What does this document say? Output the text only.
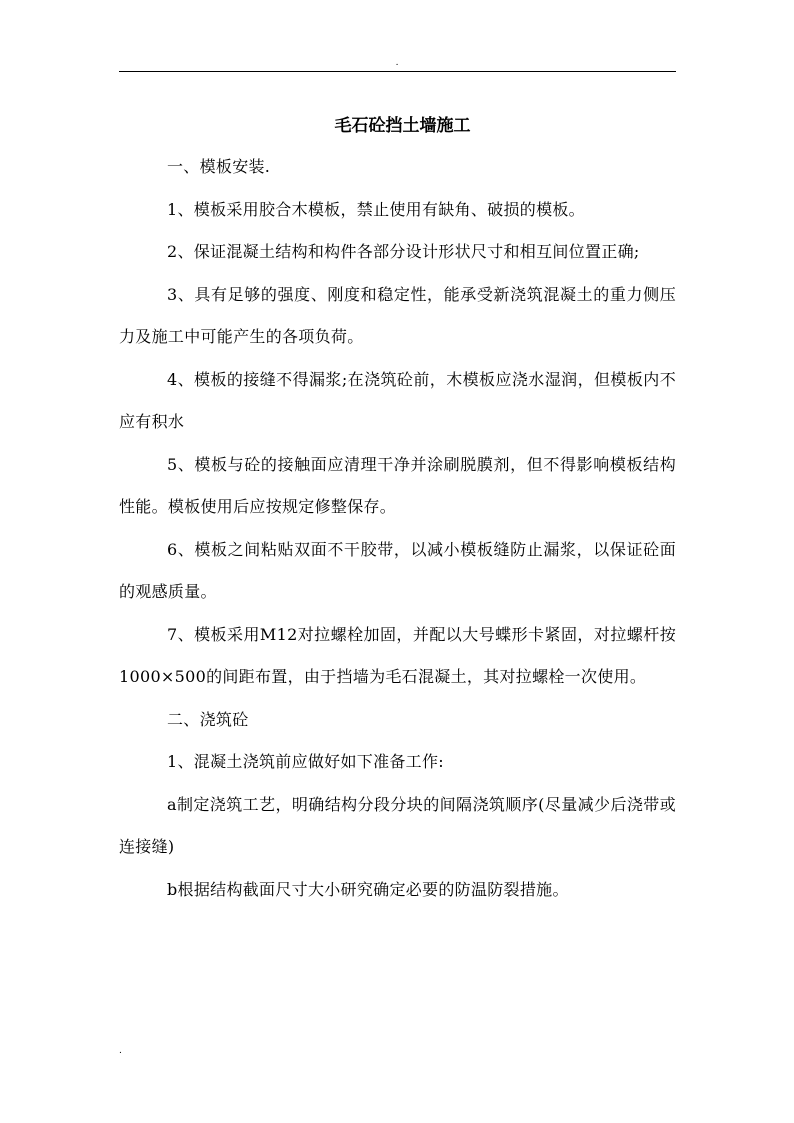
.
毛石砼挡土墙施工

一、模板安装.

1、模板采用胶合木模板，禁止使用有缺角、破损的模板。

2、保证混凝土结构和构件各部分设计形状尺寸和相互间位置正确;

3、具有足够的强度、刚度和稳定性，能承受新浇筑混凝土的重力侧压力及施工中可能产生的各项负荷。

4、模板的接缝不得漏浆;在浇筑砼前，木模板应浇水湿润，但模板内不应有积水

5、模板与砼的接触面应清理干净并涂刷脱膜剂，但不得影响模板结构性能。模板使用后应按规定修整保存。

6、模板之间粘贴双面不干胶带，以减小模板缝防止漏浆，以保证砼面的观感质量。

7、模板采用M12对拉螺栓加固，并配以大号蝶形卡紧固，对拉螺杆按1000×500的间距布置，由于挡墙为毛石混凝土，其对拉螺栓一次使用。

二、浇筑砼

1、混凝土浇筑前应做好如下准备工作:

a制定浇筑工艺，明确结构分段分块的间隔浇筑顺序(尽量减少后浇带或连接缝)

b根据结构截面尺寸大小研究确定必要的防温防裂措施。

.
